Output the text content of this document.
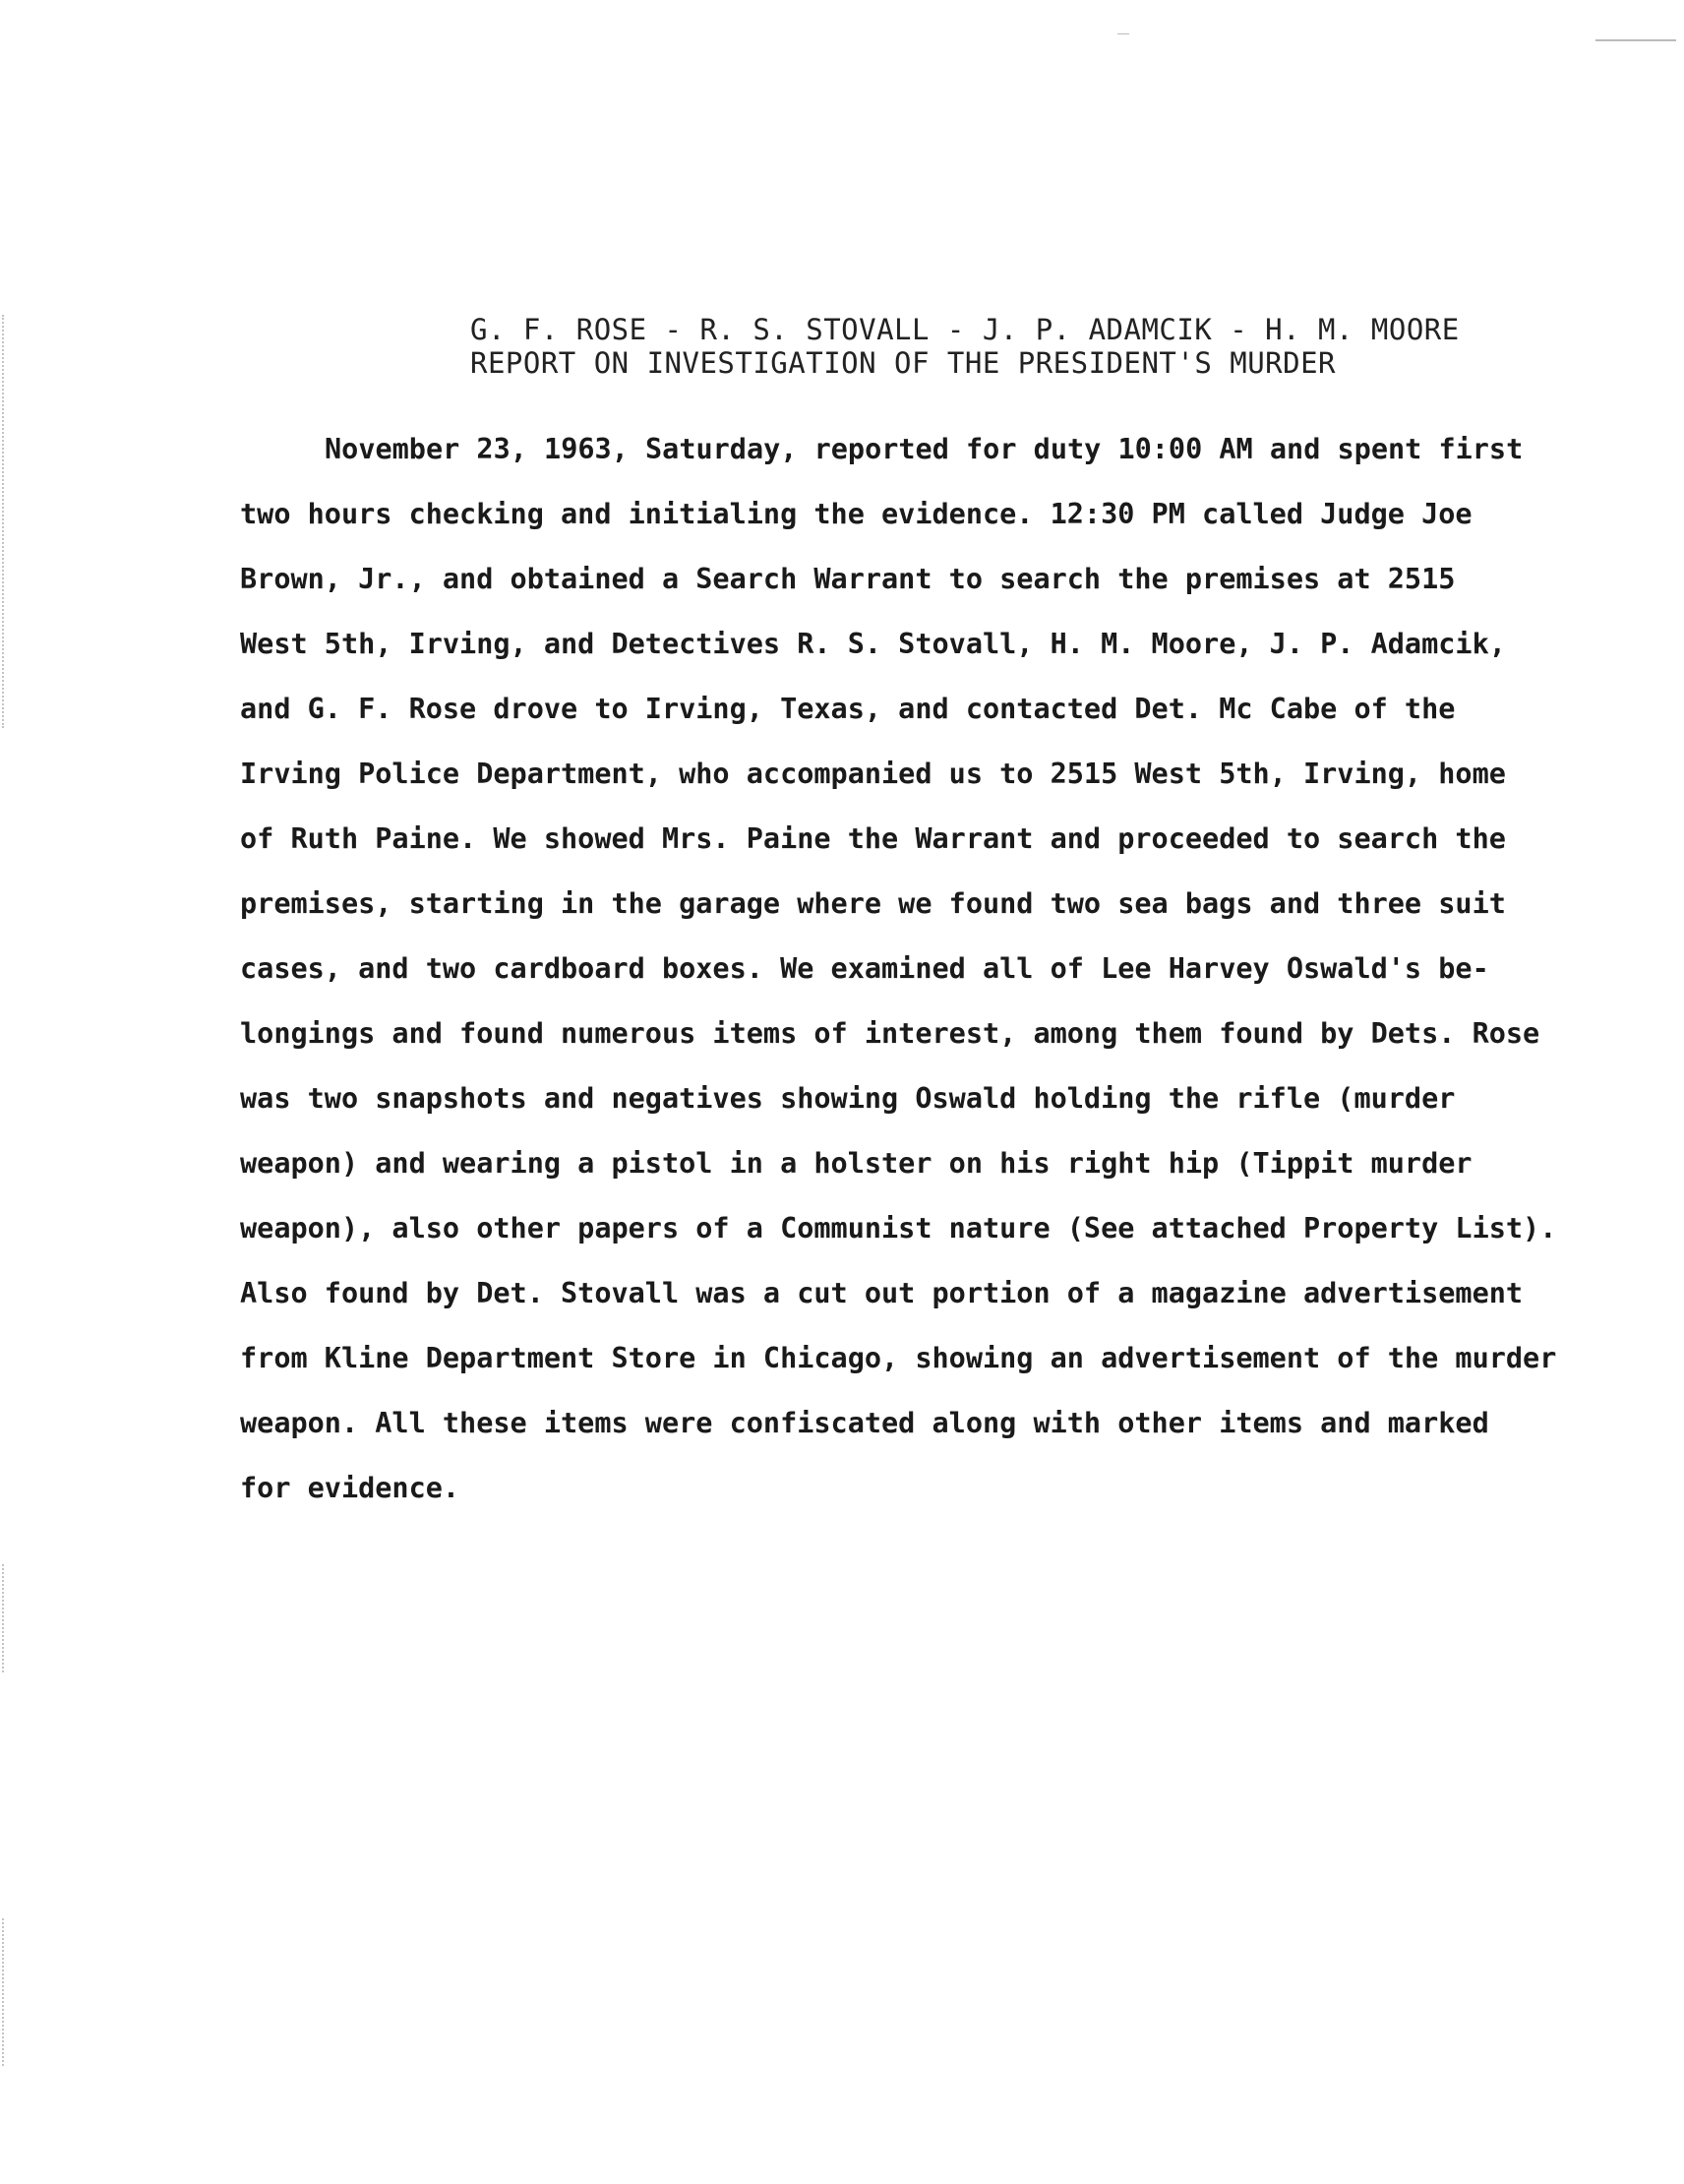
G. F. ROSE - R. S. STOVALL - J. P. ADAMCIK - H. M. MOORE
REPORT ON INVESTIGATION OF THE PRESIDENT'S MURDER
November 23, 1963, Saturday, reported for duty 10:00 AM and spent first
two hours checking and initialing the evidence. 12:30 PM called Judge Joe
Brown, Jr., and obtained a Search Warrant to search the premises at 2515
West 5th, Irving, and Detectives R. S. Stovall, H. M. Moore, J. P. Adamcik,
and G. F. Rose drove to Irving, Texas, and contacted Det. Mc Cabe of the
Irving Police Department, who accompanied us to 2515 West 5th, Irving, home
of Ruth Paine. We showed Mrs. Paine the Warrant and proceeded to search the
premises, starting in the garage where we found two sea bags and three suit
cases, and two cardboard boxes. We examined all of Lee Harvey Oswald's be-
longings and found numerous items of interest, among them found by Dets. Rose
was two snapshots and negatives showing Oswald holding the rifle (murder
weapon) and wearing a pistol in a holster on his right hip (Tippit murder
weapon), also other papers of a Communist nature (See attached Property List).
Also found by Det. Stovall was a cut out portion of a magazine advertisement
from Kline Department Store in Chicago, showing an advertisement of the murder
weapon. All these items were confiscated along with other items and marked
for evidence.
